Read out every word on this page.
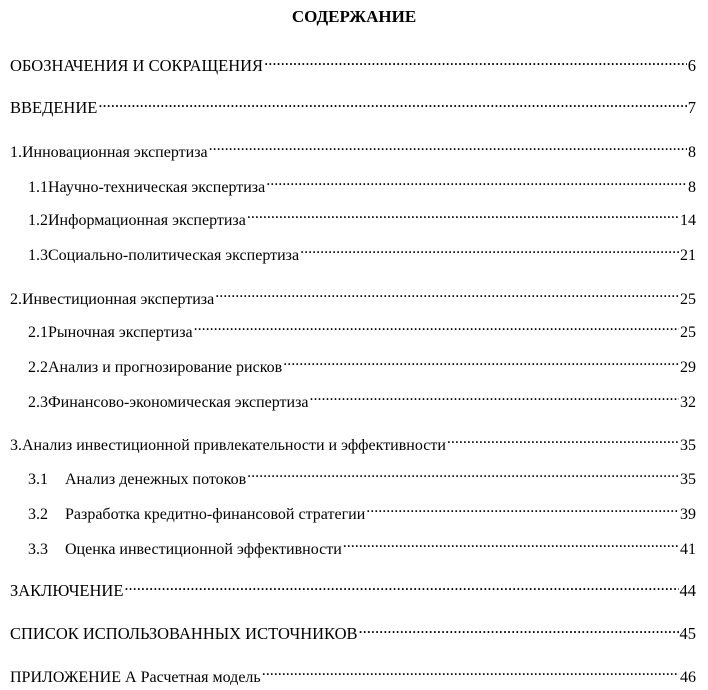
СОДЕРЖАНИЕ
ОБОЗНАЧЕНИЯ И СОКРАЩЕНИЯ .....	6
ВВЕДЕНИЕ .....	7
1. Инновационная экспертиза .....	8
1.1 Научно-техническая экспертиза .....	8
1.2 Информационная экспертиза .....	14
1.3 Социально-политическая экспертиза .....	21
2. Инвестиционная экспертиза .....	25
2.1 Рыночная экспертиза .....	25
2.2 Анализ и прогнозирование рисков .....	29
2.3 Финансово-экономическая экспертиза .....	32
3. Анализ инвестиционной привлекательности и эффективности .....	35
3.1 Анализ денежных потоков .....	35
3.2 Разработка кредитно-финансовой стратегии .....	39
3.3 Оценка инвестиционной эффективности .....	41
ЗАКЛЮЧЕНИЕ .....	44
СПИСОК ИСПОЛЬЗОВАННЫХ ИСТОЧНИКОВ .....	45
ПРИЛОЖЕНИЕ А Расчетная модель .....	46
